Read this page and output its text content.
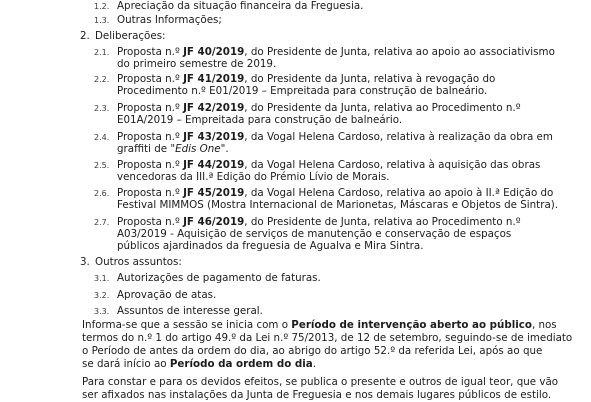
1.2. Apreciação da situação financeira da Freguesia.
1.3. Outras Informações;
2. Deliberações:
2.1. Proposta n.º JF 40/2019, do Presidente de Junta, relativa ao apoio ao associativismo
do primeiro semestre de 2019.
2.2. Proposta n.º JF 41/2019, do Presidente da Junta, relativa à revogação do
Procedimento n.º E01/2019 – Empreitada para construção de balneário.
2.3. Proposta n.º JF 42/2019, do Presidente da Junta, relativa ao Procedimento n.º
E01A/2019 – Empreitada para construção de balneário.
2.4. Proposta n.º JF 43/2019, da Vogal Helena Cardoso, relativa à realização da obra em
graffiti de "Edis One".
2.5. Proposta n.º JF 44/2019, da Vogal Helena Cardoso, relativa à aquisição das obras
vencedoras da III.ª Edição do Prémio Lívio de Morais.
2.6. Proposta n.º JF 45/2019, da Vogal Helena Cardoso, relativa ao apoio à II.ª Edição do
Festival MIMMOS (Mostra Internacional de Marionetas, Máscaras e Objetos de Sintra).
2.7. Proposta n.º JF 46/2019, do Presidente de Junta, relativa ao Procedimento n.º
A03/2019 - Aquisição de serviços de manutenção e conservação de espaços
públicos ajardinados da freguesia de Agualva e Mira Sintra.
3. Outros assuntos:
3.1. Autorizações de pagamento de faturas.
3.2. Aprovação de atas.
3.3. Assuntos de interesse geral.
Informa-se que a sessão se inicia com o Período de intervenção aberto ao público, nos
termos do n.º 1 do artigo 49.º da Lei n.º 75/2013, de 12 de setembro, seguindo-se de imediato
o Período de antes da ordem do dia, ao abrigo do artigo 52.º da referida Lei, após ao que
se dará início ao Período da ordem do dia.
Para constar e para os devidos efeitos, se publica o presente e outros de igual teor, que vão
ser afixados nas instalações da Junta de Freguesia e nos demais lugares públicos de estilo.
